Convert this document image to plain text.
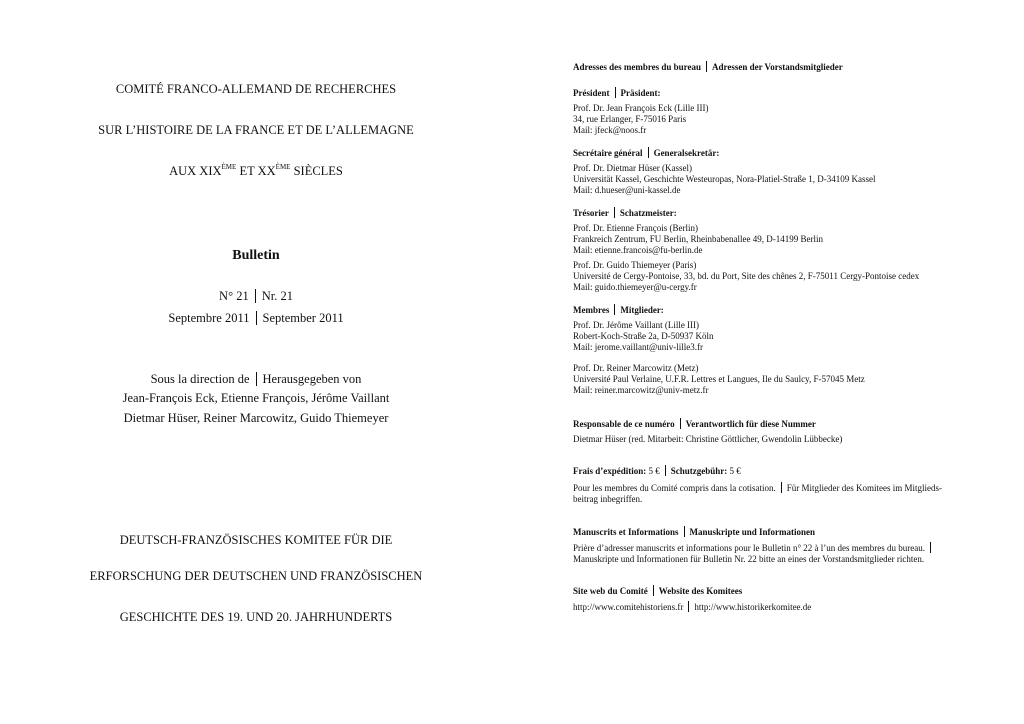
COMITÉ FRANCO-ALLEMAND DE RECHERCHES
SUR L’HISTOIRE DE LA FRANCE ET DE L’ALLEMAGNE
AUX XIXÈME ET XXÈME SIÈCLES
Bulletin
N° 21 Nr. 21
Septembre 2011 September 2011
Sous la direction de Herausgegeben von
Jean-François Eck, Etienne François, Jérôme Vaillant
Dietmar Hüser, Reiner Marcowitz, Guido Thiemeyer
DEUTSCH-FRANZÖSISCHES KOMITEE FÜR DIE
ERFORSCHUNG DER DEUTSCHEN UND FRANZÖSISCHEN
GESCHICHTE DES 19. UND 20. JAHRHUNDERTS
Adresses des membres du bureau Adressen der Vorstandsmitglieder
Président Präsident:
Prof. Dr. Jean François Eck (Lille III)
34, rue Erlanger, F-75016 Paris
Mail: jfeck@noos.fr
Secrétaire général Generalsekretär:
Prof. Dr. Dietmar Hüser (Kassel)
Universität Kassel, Geschichte Westeuropas, Nora-Platiel-Straße 1, D-34109 Kassel
Mail: d.hueser@uni-kassel.de
Trésorier Schatzmeister:
Prof. Dr. Etienne François (Berlin)
Frankreich Zentrum, FU Berlin, Rheinbabenallee 49, D-14199 Berlin
Mail: etienne.francois@fu-berlin.de
Prof. Dr. Guido Thiemeyer (Paris)
Université de Cergy-Pontoise, 33, bd. du Port, Site des chênes 2, F-75011 Cergy-Pontoise cedex
Mail: guido.thiemeyer@u-cergy.fr
Membres Mitglieder:
Prof. Dr. Jérôme Vaillant (Lille III)
Robert-Koch-Straße 2a, D-50937 Köln
Mail: jerome.vaillant@univ-lille3.fr
Prof. Dr. Reiner Marcowitz (Metz)
Université Paul Verlaine, U.F.R. Lettres et Langues, Ile du Saulcy, F-57045 Metz
Mail: reiner.marcowitz@univ-metz.fr
Responsable de ce numéro Verantwortlich für diese Nummer
Dietmar Hüser (red. Mitarbeit: Christine Göttlicher, Gwendolin Lübbecke)
Frais d’expédition: 5 € Schutzgebühr: 5 €
Pour les membres du Comité compris dans la cotisation. Für Mitglieder des Komitees im Mitglieds-
beitrag inbegriffen.
Manuscrits et Informations Manuskripte und Informationen
Prière d’adresser manuscrits et informations pour le Bulletin n° 22 à l’un des membres du bureau.
Manuskripte und Informationen für Bulletin Nr. 22 bitte an eines der Vorstandsmitglieder richten.
Site web du Comité Website des Komitees
http://www.comitehistoriens.fr http://www.historikerkomitee.de
